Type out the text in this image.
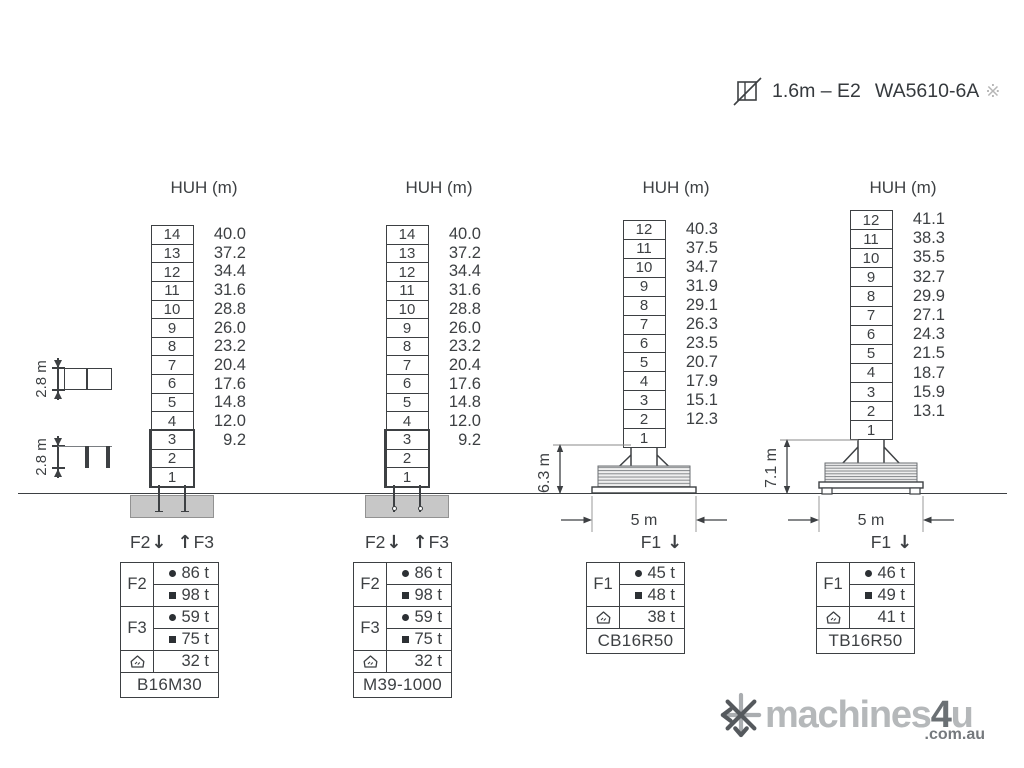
1.6m – E2 WA5610-6A ※
machines4u
.com.au
HUH (m)
14
13
12
11
10
9
8
7
6
5
4
3
2
1
40.0
37.2
34.4
31.6
28.8
26.0
23.2
20.4
17.6
14.8
12.0
9.2
F2 ↓ ↑ F3
F2
86 t
98 t
F3
59 t
75 t
32 t
B16M30
HUH (m)
14
13
12
11
10
9
8
7
6
5
4
3
2
1
40.0
37.2
34.4
31.6
28.8
26.0
23.2
20.4
17.6
14.8
12.0
9.2
F2 ↓ ↑ F3
F2
86 t
98 t
F3
59 t
75 t
32 t
M39-1000
HUH (m)
12
11
10
9
8
7
6
5
4
3
2
1
40.3
37.5
34.7
31.9
29.1
26.3
23.5
20.7
17.9
15.1
12.3
6.3 m
5 m
F1 ↓
F1
45 t
48 t
38 t
CB16R50
HUH (m)
12
11
10
9
8
7
6
5
4
3
2
1
41.1
38.3
35.5
32.7
29.9
27.1
24.3
21.5
18.7
15.9
13.1
7.1 m
5 m
F1 ↓
F1
46 t
49 t
41 t
TB16R50
2.8 m
2.8 m
